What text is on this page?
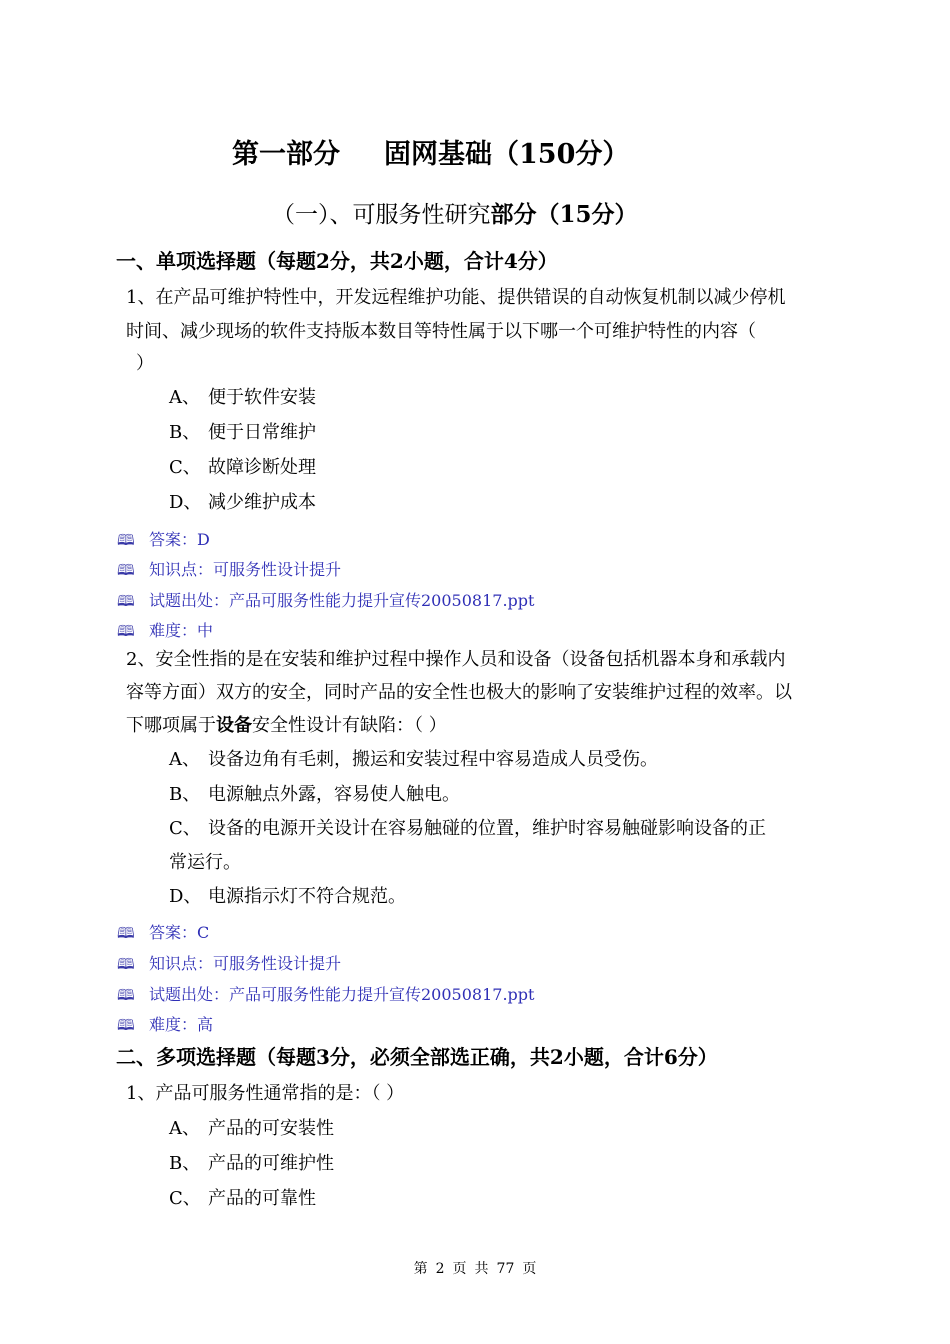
第一部分 固网基础（150分）
（一）、可服务性研究部分（15分）
一、单项选择题（每题2分，共2小题，合计4分）
1、在产品可维护特性中，开发远程维护功能、提供错误的自动恢复机制以减少停机
时间、减少现场的软件支持版本数目等特性属于以下哪一个可维护特性的内容（
）
A、 便于软件安装
B、 便于日常维护
C、 故障诊断处理
D、 减少维护成本
🕮 答案：D
🕮 知识点：可服务性设计提升
🕮 试题出处：产品可服务性能力提升宣传20050817.ppt
🕮 难度：中
2、安全性指的是在安装和维护过程中操作人员和设备（设备包括机器本身和承载内
容等方面）双方的安全，同时产品的安全性也极大的影响了安装维护过程的效率。以
下哪项属于设备安全性设计有缺陷：（ ）
A、 设备边角有毛刺，搬运和安装过程中容易造成人员受伤。
B、 电源触点外露，容易使人触电。
C、 设备的电源开关设计在容易触碰的位置，维护时容易触碰影响设备的正
常运行。
D、 电源指示灯不符合规范。
🕮 答案：C
🕮 知识点：可服务性设计提升
🕮 试题出处：产品可服务性能力提升宣传20050817.ppt
🕮 难度：高
二、多项选择题（每题3分，必须全部选正确，共2小题，合计6分）
1、产品可服务性通常指的是：（ ）
A、 产品的可安装性
B、 产品的可维护性
C、 产品的可靠性
第 2 页 共 77 页
